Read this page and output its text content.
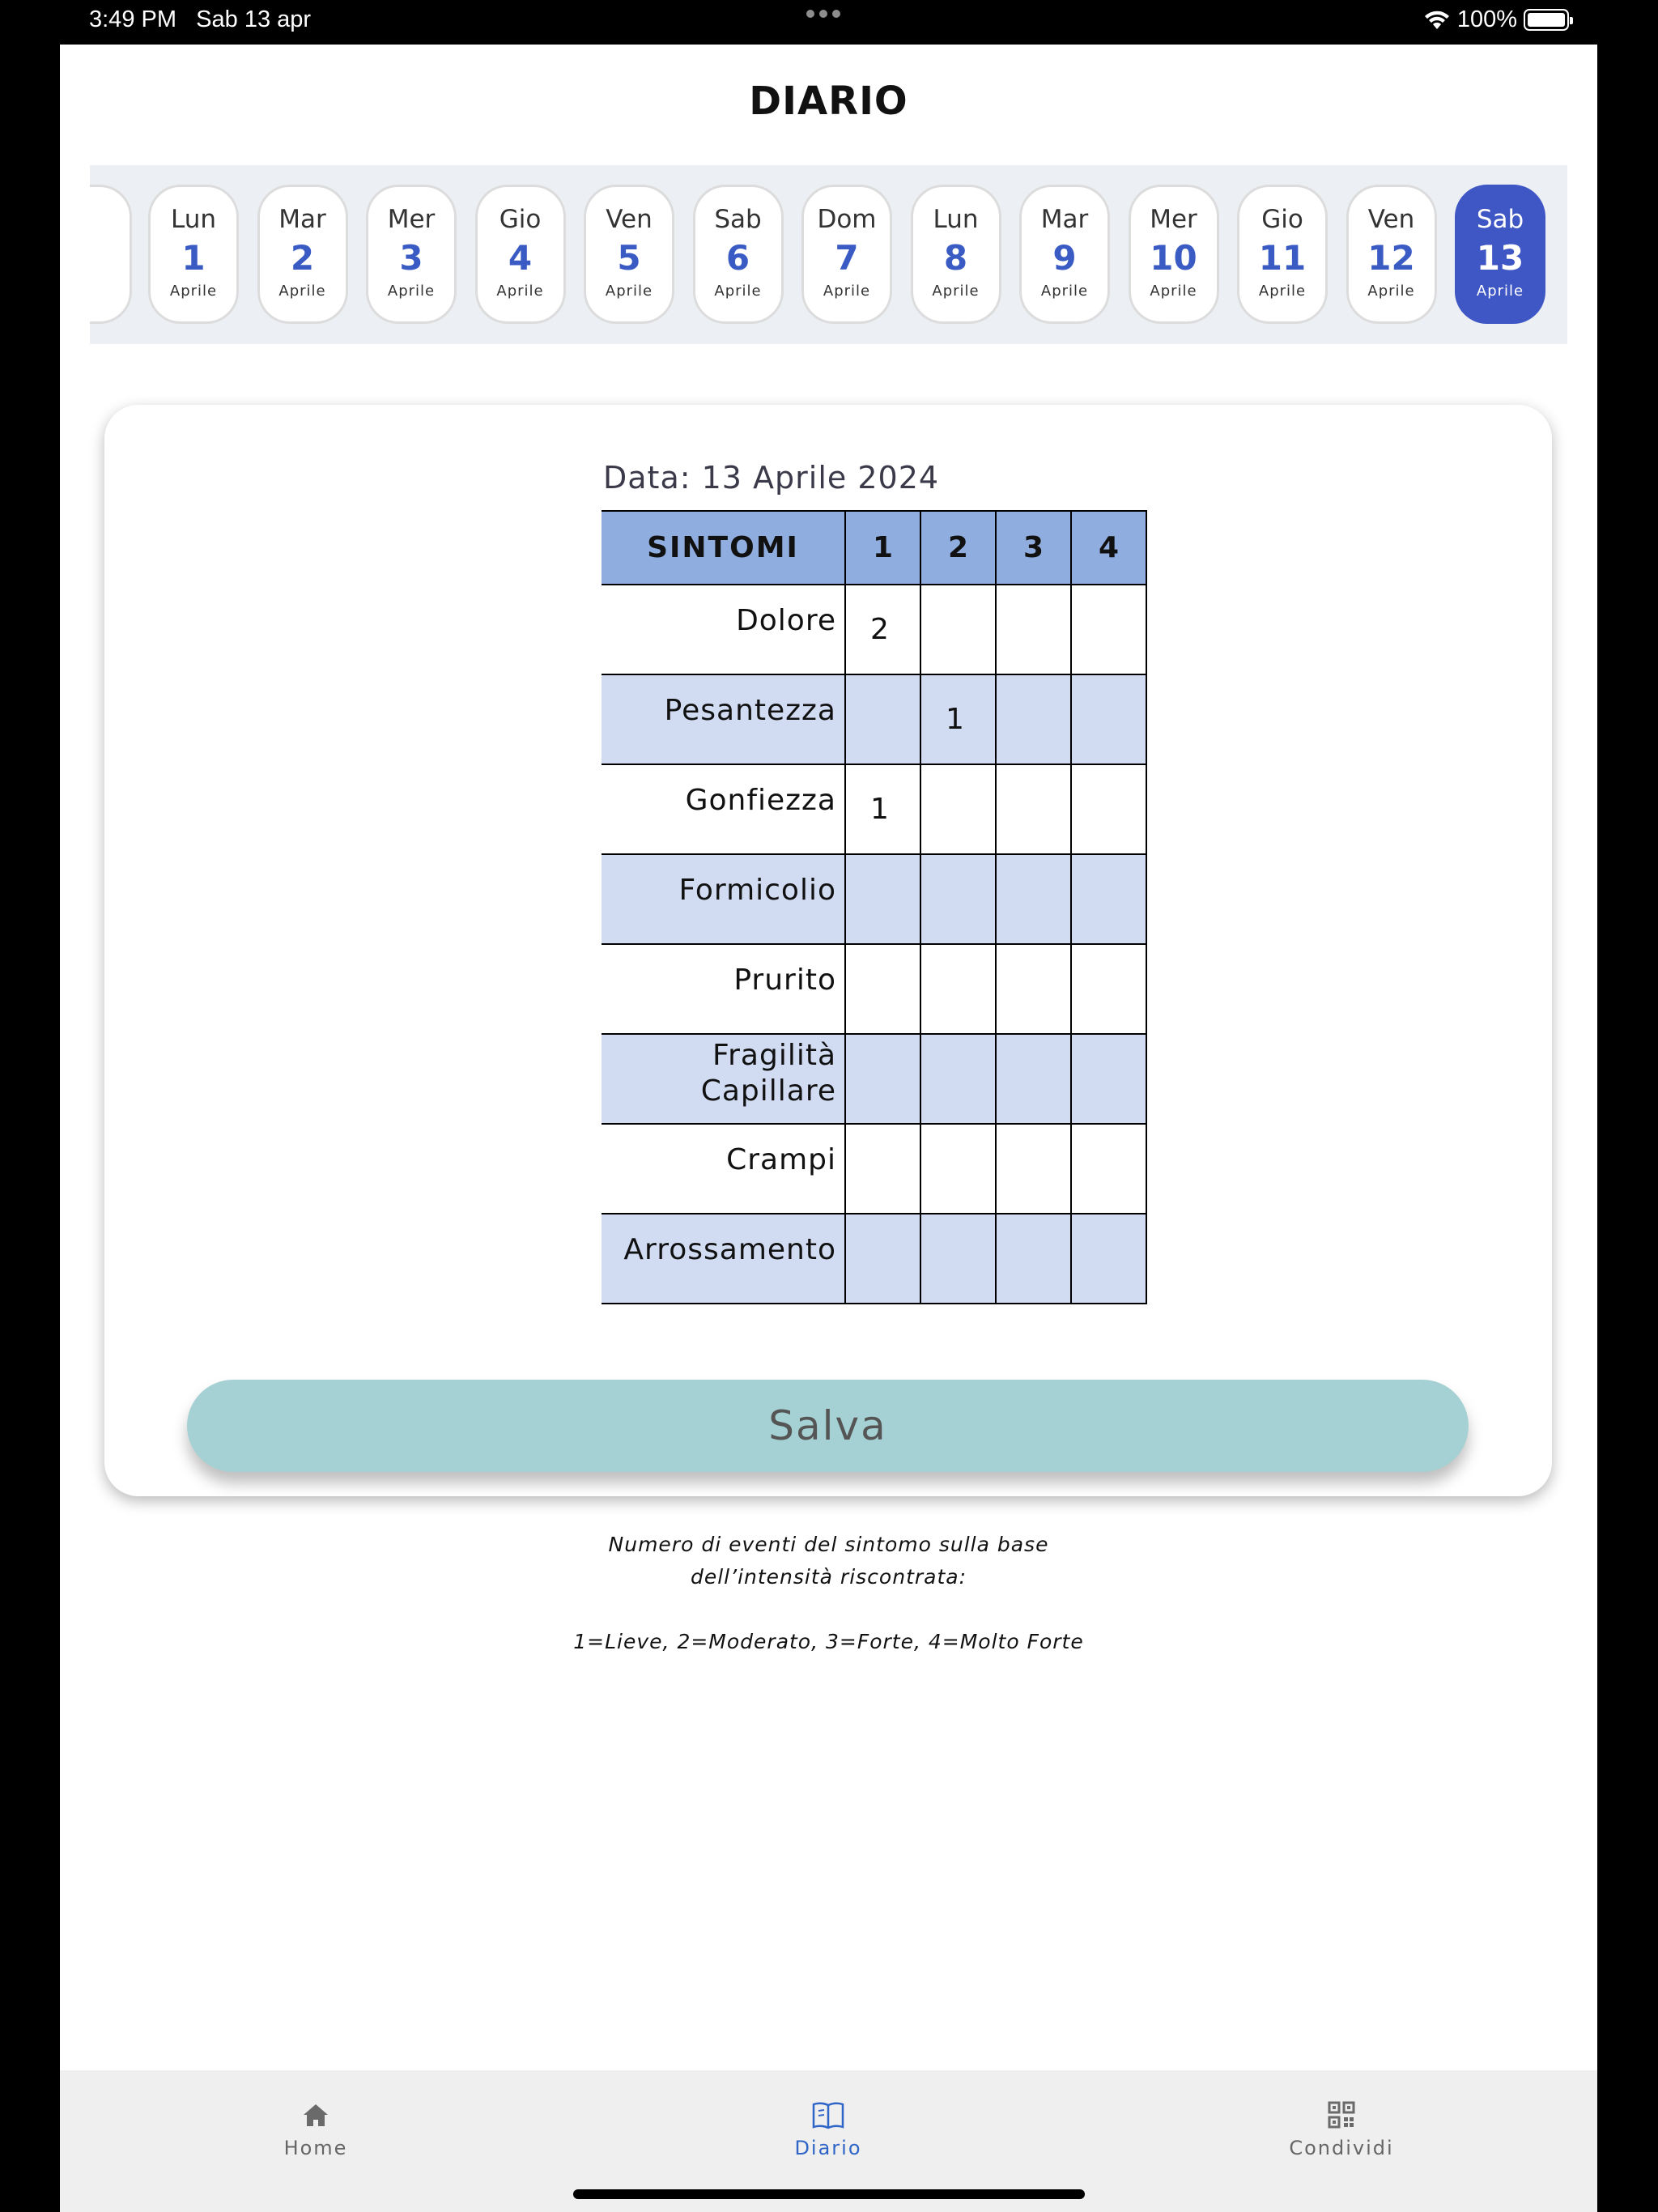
3:49 PM Sab 13 apr	100%
DIARIO
Lun
1
Aprile
Mar
2
Aprile
Mer
3
Aprile
Gio
4
Aprile
Ven
5
Aprile
Sab
6
Aprile
Dom
7
Aprile
Lun
8
Aprile
Mar
9
Aprile
Mer
10
Aprile
Gio
11
Aprile
Ven
12
Aprile
Sab
13
Aprile
Data: 13 Aprile 2024
SINTOMI	1	2	3	4
Dolore	2			
Pesantezza		1		
Gonfiezza	1			
Formicolio				
Prurito				
Fragilità
Capillare				
Crampi				
Arrossamento				
Salva
Numero di eventi del sintomo sulla base
dell’intensità riscontrata:
1=Lieve, 2=Moderato, 3=Forte, 4=Molto Forte
Home	Diario	Condividi
